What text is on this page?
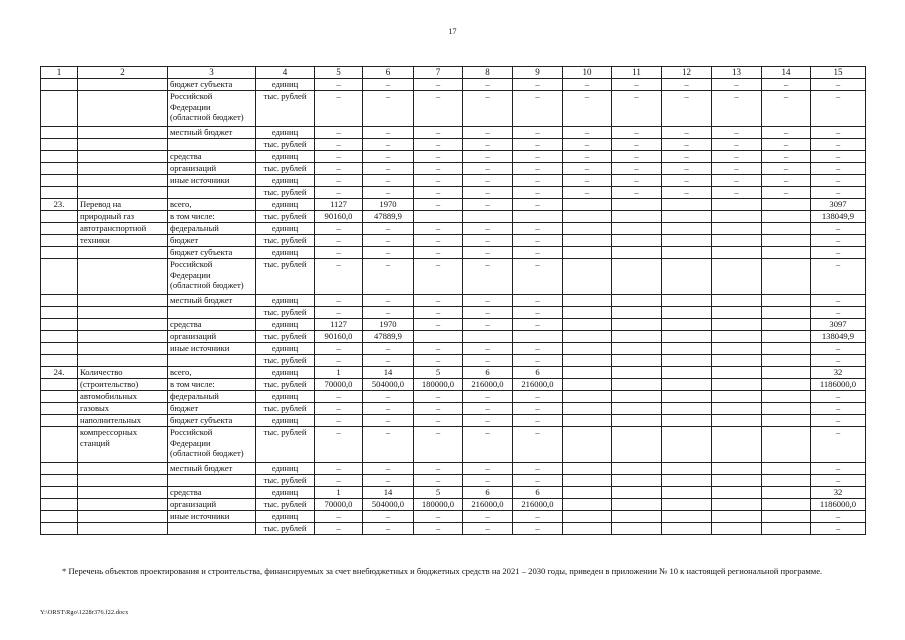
17
1	2	3	4	5	6	7	8	9	10	11	12	13	14	15
		бюджет субъекта	единиц	–	–	–	–	–	–	–	–	–	–	–
		Российской Федерации (областной бюджет)	тыс. рублей	–	–	–	–	–	–	–	–	–	–	–
		местный бюджет	единиц	–	–	–	–	–	–	–	–	–	–	–
			тыс. рублей	–	–	–	–	–	–	–	–	–	–	–
		средства	единиц	–	–	–	–	–	–	–	–	–	–	–
		организаций	тыс. рублей	–	–	–	–	–	–	–	–	–	–	–
		иные источники	единиц	–	–	–	–	–	–	–	–	–	–	–
			тыс. рублей	–	–	–	–	–	–	–	–	–	–	–
23.	Перевод на	всего,	единиц	1127	1970	–	–	–						3097
	природный газ	в том числе:	тыс. рублей	90160,0	47889,9									138049,9
	автотранспортной	федеральный	единиц	–	–	–	–	–						–
	техники	бюджет	тыс. рублей	–	–	–	–	–						–
		бюджет субъекта	единиц	–	–	–	–	–						–
		Российской Федерации (областной бюджет)	тыс. рублей	–	–	–	–	–						–
		местный бюджет	единиц	–	–	–	–	–						–
			тыс. рублей	–	–	–	–	–						–
		средства	единиц	1127	1970	–	–	–						3097
		организаций	тыс. рублей	90160,0	47889,9									138049,9
		иные источники	единиц	–	–	–	–	–						–
			тыс. рублей	–	–	–	–	–						–
24.	Количество	всего,	единиц	1	14	5	6	6						32
	(строительство)	в том числе:	тыс. рублей	70000,0	504000,0	180000,0	216000,0	216000,0						1186000,0
	автомобильных	федеральный	единиц	–	–	–	–	–						–
	газовых	бюджет	тыс. рублей	–	–	–	–	–						–
	наполнительных	бюджет субъекта	единиц	–	–	–	–	–						–
	компрессорных станций	Российской Федерации (областной бюджет)	тыс. рублей	–	–	–	–	–						–
		местный бюджет	единиц	–	–	–	–	–						–
			тыс. рублей	–	–	–	–	–						–
		средства	единиц	1	14	5	6	6						32
		организаций	тыс. рублей	70000,0	504000,0	180000,0	216000,0	216000,0						1186000,0
		иные источники	единиц	–	–	–	–	–						–
			тыс. рублей	–	–	–	–	–						–
* Перечень объектов проектирования и строительства, финансируемых за счет внебюджетных и бюджетных средств на 2021 – 2030 годы, приведен в приложении № 10 к настоящей региональной программе.
Y:\ORST\Rgo\1228r376.f22.docx
